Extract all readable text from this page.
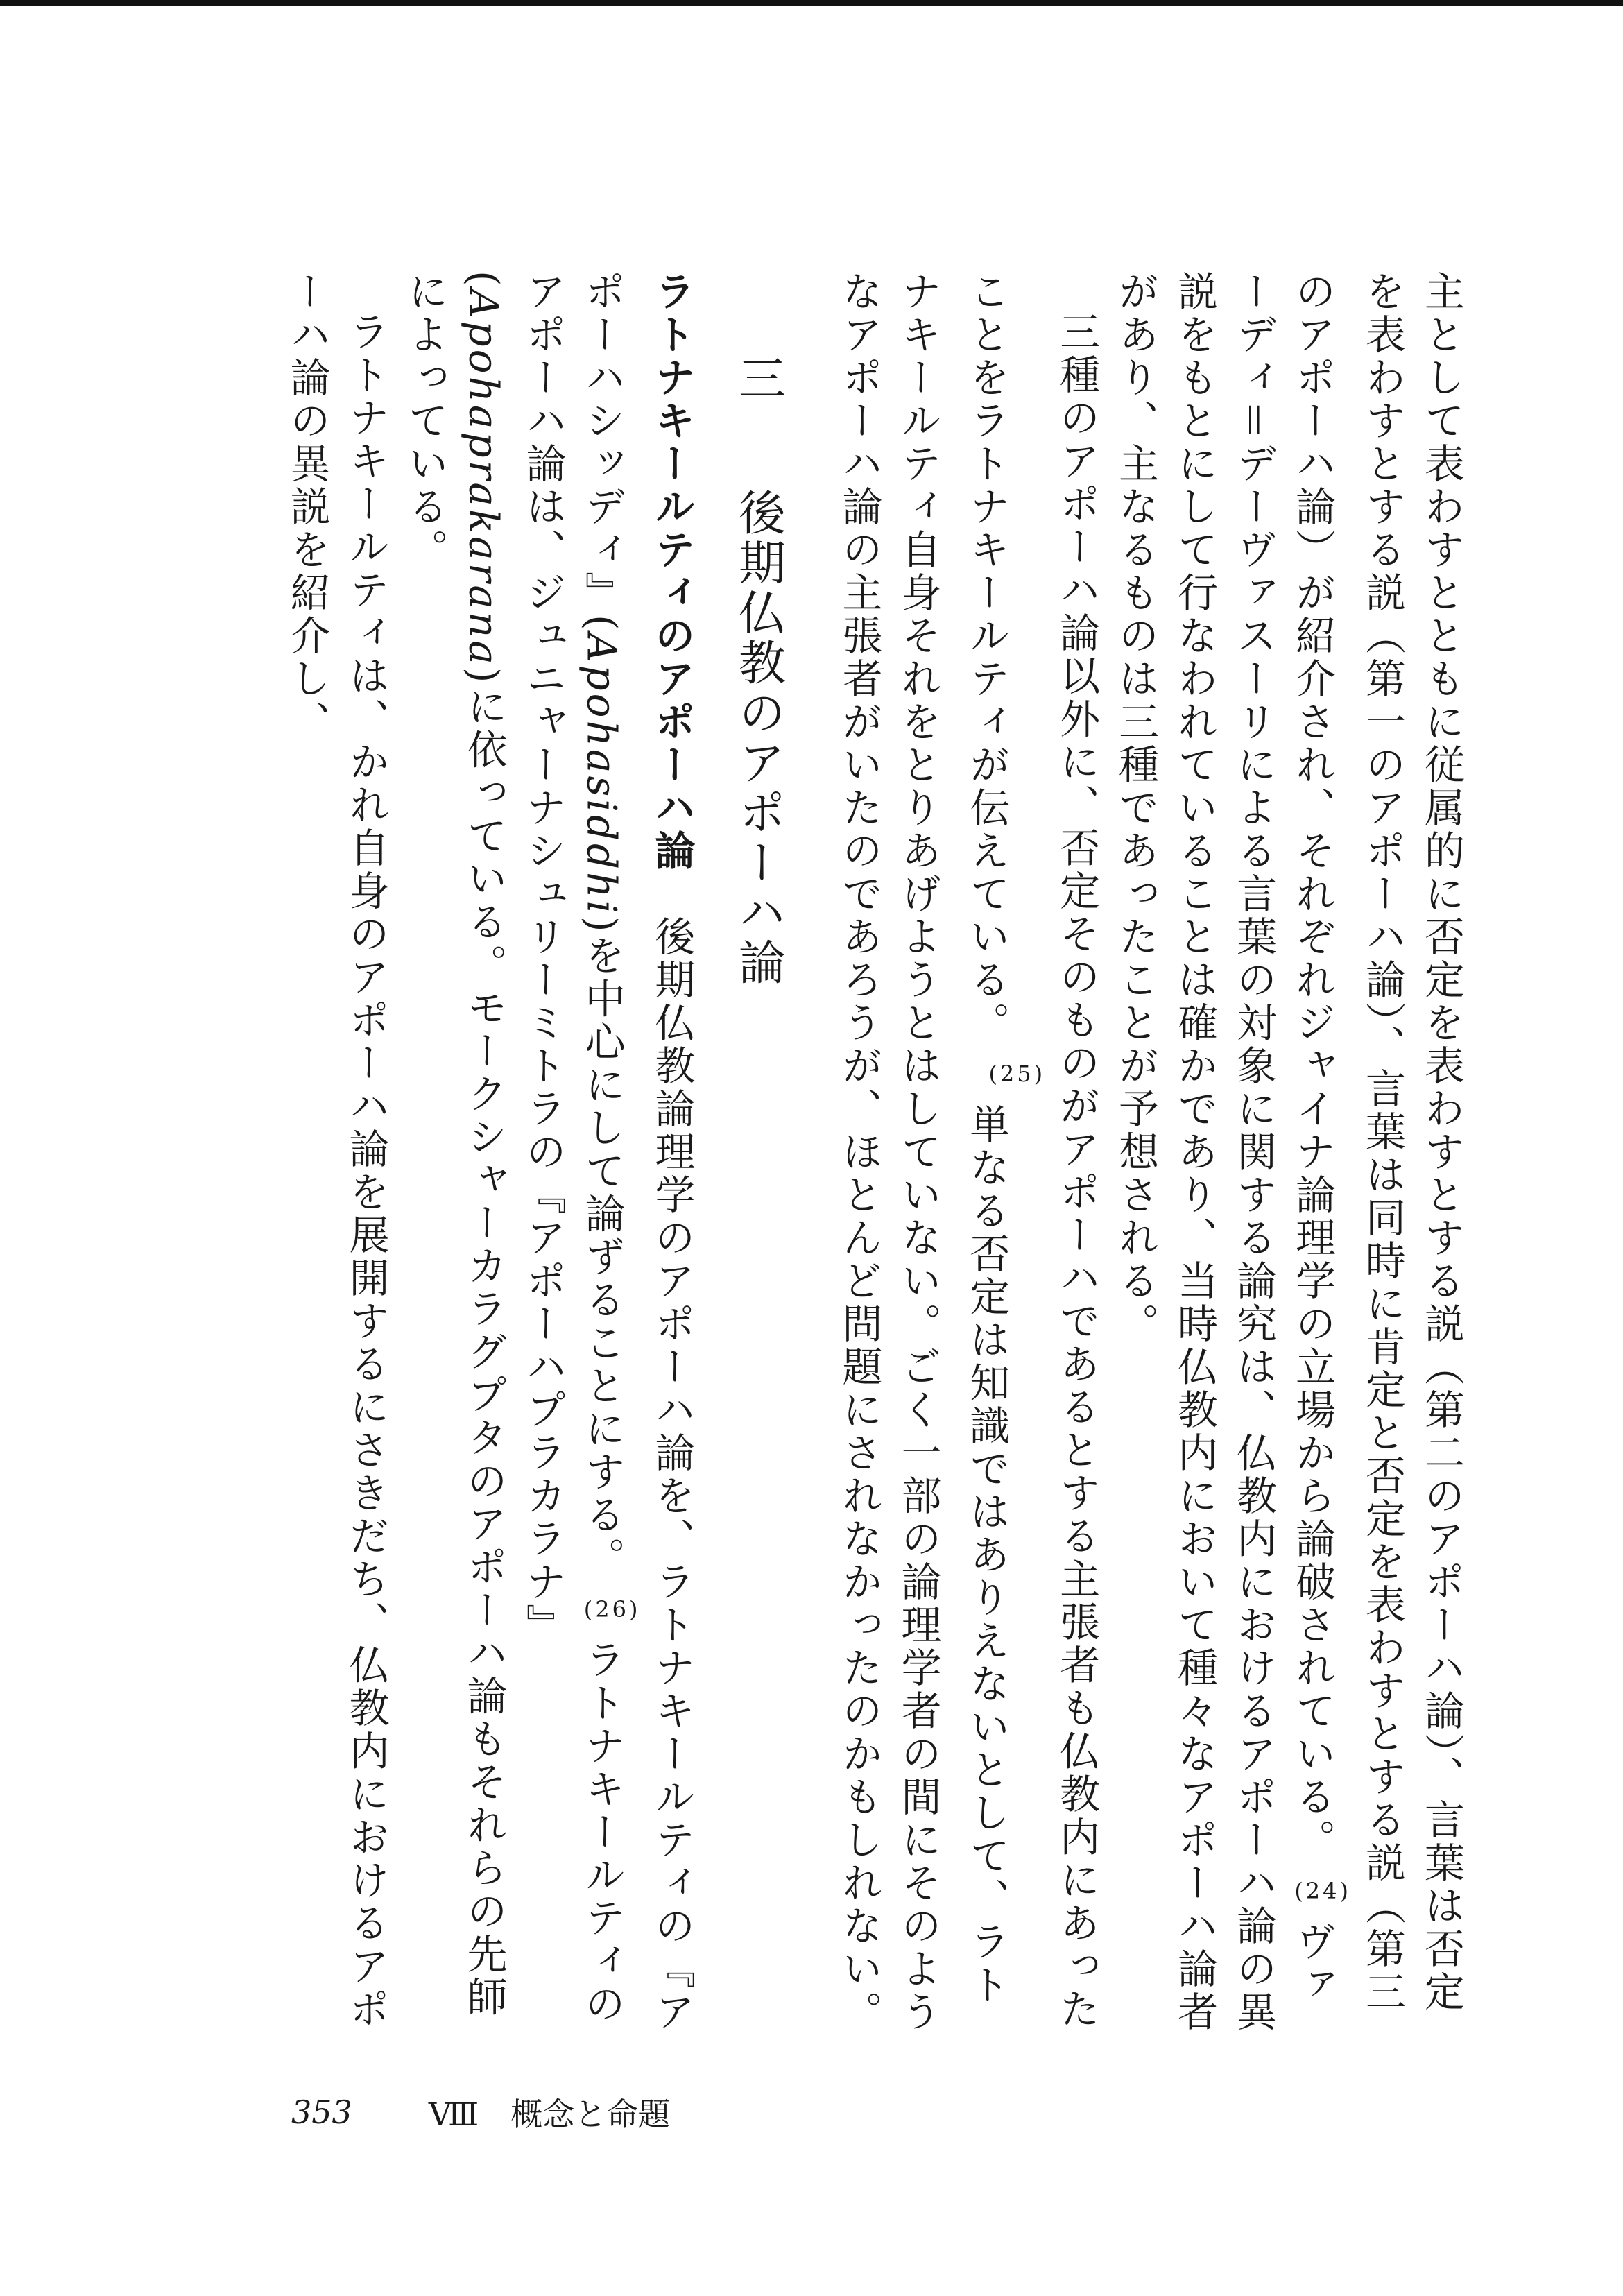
主として表わすとともに従属的に否定を表わすとする説（第二のアポーハ論）、言葉は否定を表わすとする説（第一のアポーハ論）、言葉は同時に肯定と否定を表わすとする説（第三のアポーハ論）が紹介され、それぞれジャイナ論理学の立場から論破されている。(24)ヴァーディ＝デーヴァスーリによる言葉の対象に関する論究は、仏教内におけるアポーハ論の異説をもとにして行なわれていることは確かであり、当時仏教内において種々なアポーハ論者があり、主なるものは三種であったことが予想される。

三種のアポーハ論以外に、否定そのものがアポーハであるとする主張者も仏教内にあったことをラトナキールティが伝えている。(25)単なる否定は知識ではありえないとして、ラトナキールティ自身それをとりあげようとはしていない。ごく一部の論理学者の間にそのようなアポーハ論の主張者がいたのであろうが、ほとんど問題にされなかったのかもしれない。

三　後期仏教のアポーハ論

ラトナキールティのアポーハ論　後期仏教論理学のアポーハ論を、ラトナキールティの『アポーハシッディ』(Apohasiddhi)を中心にして論ずることにする。(26)ラトナキールティのアポーハ論は、ジュニャーナシュリーミトラの『アポーハプラカラナ』(Apohaprakarana)に依っている。モークシャーカラグプタのアポーハ論もそれらの先師によっている。

ラトナキールティは、かれ自身のアポーハ論を展開するにさきだち、仏教内におけるアポーハ論の異説を紹介し、

353 Ⅷ　概念と命題
